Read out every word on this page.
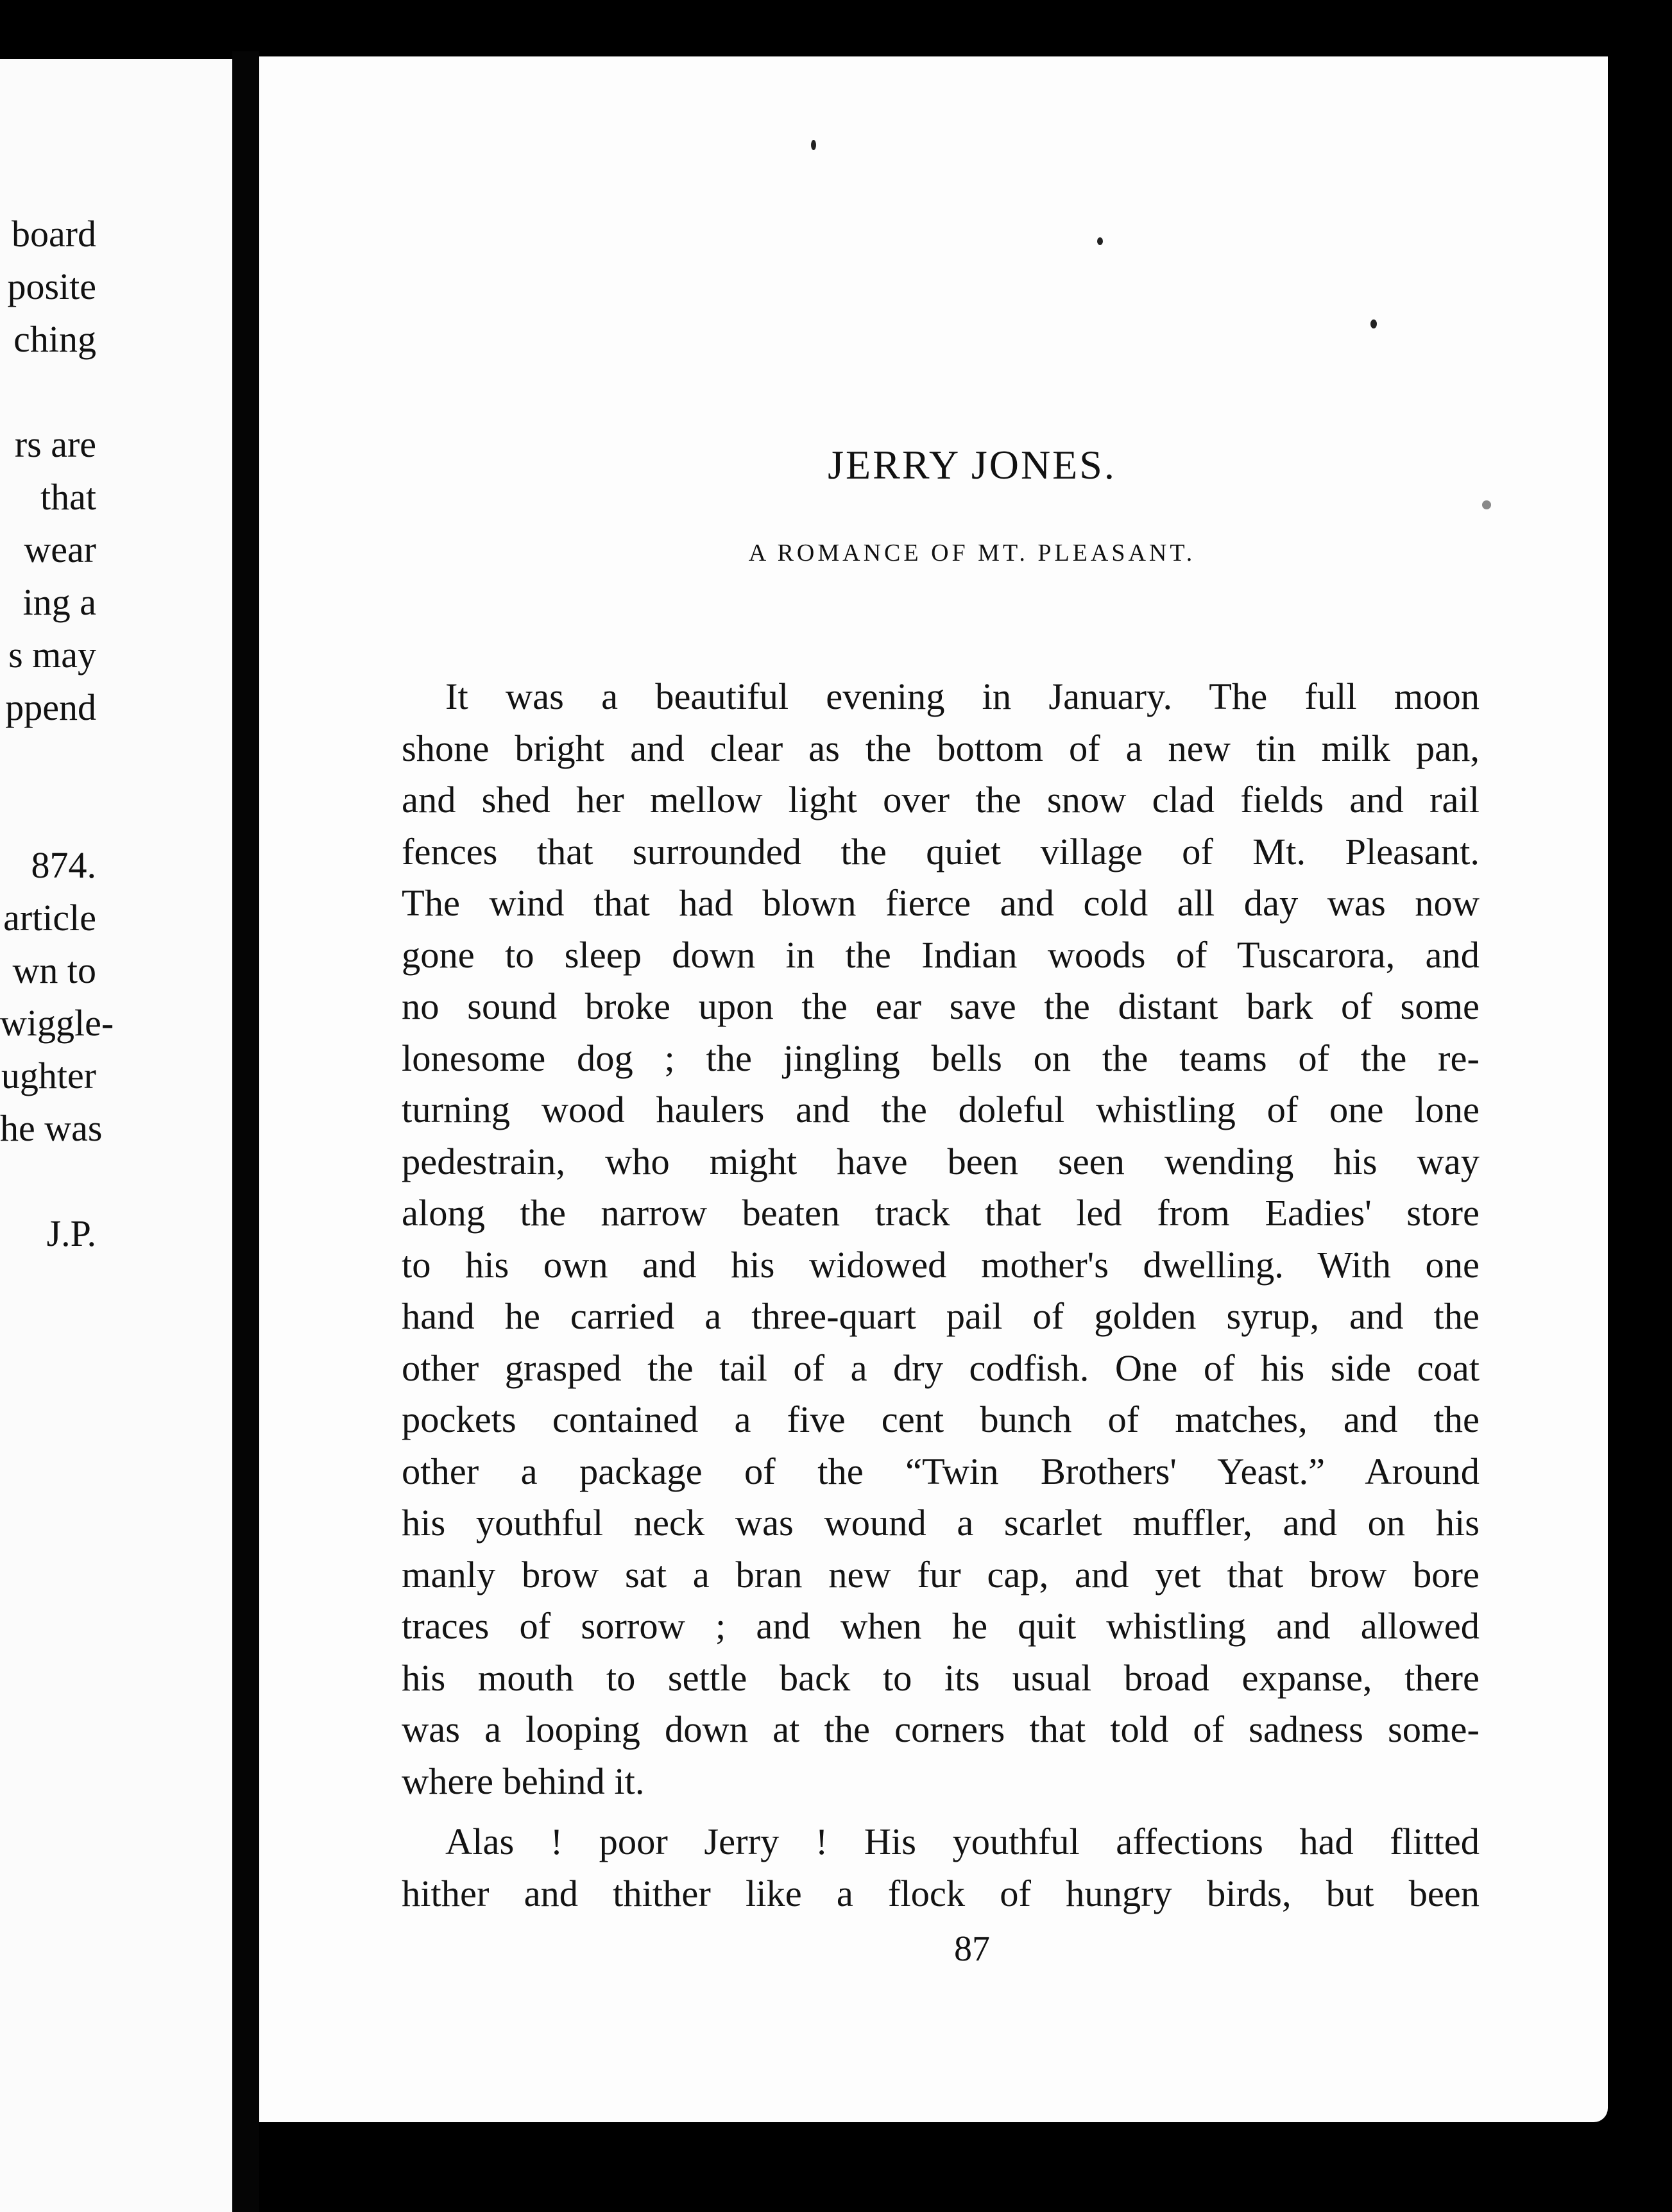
board
posite
ching
rs are
that
wear
ing a
s may
ppend
874.
article
wn to
wiggle-
ughter
he was
J.P.
JERRY JONES.
A ROMANCE OF MT. PLEASANT.

It was a beautiful evening in January. The full moon
shone bright and clear as the bottom of a new tin milk pan,
and shed her mellow light over the snow clad fields and rail
fences that surrounded the quiet village of Mt. Pleasant.
The wind that had blown fierce and cold all day was now
gone to sleep down in the Indian woods of Tuscarora, and
no sound broke upon the ear save the distant bark of some
lonesome dog ; the jingling bells on the teams of the re-
turning wood haulers and the doleful whistling of one lone
pedestrain, who might have been seen wending his way
along the narrow beaten track that led from Eadies' store
to his own and his widowed mother's dwelling. With one
hand he carried a three-quart pail of golden syrup, and the
other grasped the tail of a dry codfish. One of his side coat
pockets contained a five cent bunch of matches, and the
other a package of the “Twin Brothers' Yeast.” Around
his youthful neck was wound a scarlet muffler, and on his
manly brow sat a bran new fur cap, and yet that brow bore
traces of sorrow ; and when he quit whistling and allowed
his mouth to settle back to its usual broad expanse, there
was a looping down at the corners that told of sadness some-
where behind it.

Alas ! poor Jerry ! His youthful affections had flitted
hither and thither like a flock of hungry birds, but been

87
